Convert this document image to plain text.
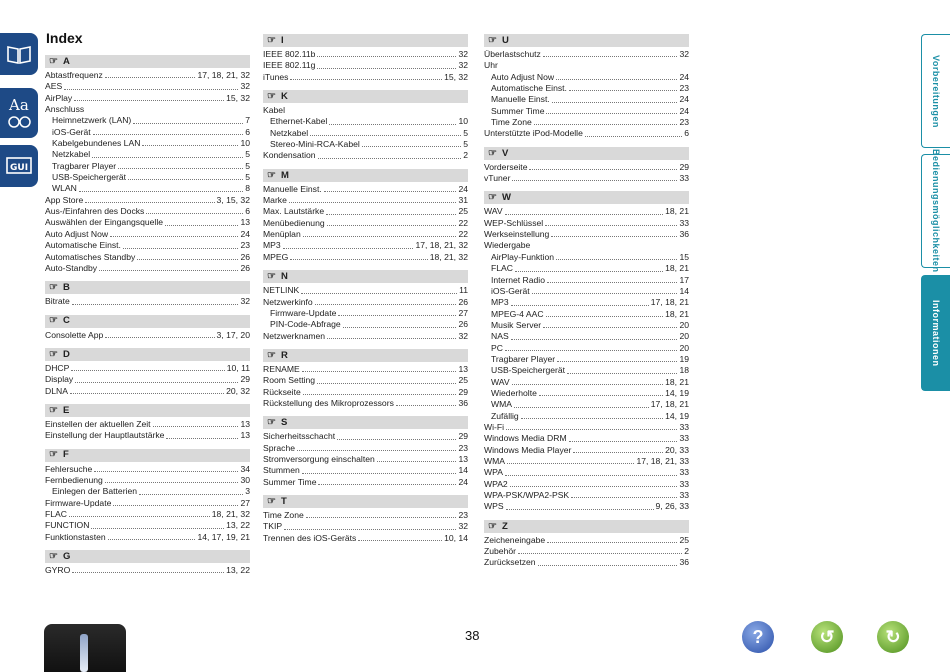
Aa
GUI
Index
☞ A
Abtastfrequenz	17, 18, 21, 32
AES	32
AirPlay	15, 32
Anschluss
Heimnetzwerk (LAN)	7
iOS-Gerät	6
Kabelgebundenes LAN	10
Netzkabel	5
Tragbarer Player	5
USB-Speichergerät	5
WLAN	8
App Store	3, 15, 32
Aus-/Einfahren des Docks	6
Auswählen der Eingangsquelle	13
Auto Adjust Now	24
Automatische Einst.	23
Automatisches Standby	26
Auto-Standby	26
☞ B
Bitrate	32
☞ C
Consolette App	3, 17, 20
☞ D
DHCP	10, 11
Display	29
DLNA	20, 32
☞ E
Einstellen der aktuellen Zeit	13
Einstellung der Hauptlautstärke	13
☞ F
Fehlersuche	34
Fernbedienung	30
Einlegen der Batterien	3
Firmware-Update	27
FLAC	18, 21, 32
FUNCTION	13, 22
Funktionstasten	14, 17, 19, 21
☞ G
GYRO	13, 22
☞ I
IEEE 802.11b	32
IEEE 802.11g	32
iTunes	15, 32
☞ K
Kabel
Ethernet-Kabel	10
Netzkabel	5
Stereo-Mini-RCA-Kabel	5
Kondensation	2
☞ M
Manuelle Einst.	24
Marke	31
Max. Lautstärke	25
Menübedienung	22
Menüplan	22
MP3	17, 18, 21, 32
MPEG	18, 21, 32
☞ N
NETLINK	11
Netzwerkinfo	26
Firmware-Update	27
PIN-Code-Abfrage	26
Netzwerknamen	32
☞ R
RENAME	13
Room Setting	25
Rückseite	29
Rückstellung des Mikroprozessors	36
☞ S
Sicherheitsschacht	29
Sprache	23
Stromversorgung einschalten	13
Stummen	14
Summer Time	24
☞ T
Time Zone	23
TKIP	32
Trennen des iOS-Geräts	10, 14
☞ U
Überlastschutz	32
Uhr
Auto Adjust Now	24
Automatische Einst.	23
Manuelle Einst.	24
Summer Time	24
Time Zone	23
Unterstützte iPod-Modelle	6
☞ V
Vorderseite	29
vTuner	33
☞ W
WAV	18, 21
WEP-Schlüssel	33
Werkseinstellung	36
Wiedergabe
AirPlay-Funktion	15
FLAC	18, 21
Internet Radio	17
iOS-Gerät	14
MP3	17, 18, 21
MPEG-4 AAC	18, 21
Musik Server	20
NAS	20
PC	20
Tragbarer Player	19
USB-Speichergerät	18
WAV	18, 21
Wiederholte	14, 19
WMA	17, 18, 21
Zufällig	14, 19
Wi-Fi	33
Windows Media DRM	33
Windows Media Player	20, 33
WMA	17, 18, 21, 33
WPA	33
WPA2	33
WPA-PSK/WPA2-PSK	33
WPS	9, 26, 33
☞ Z
Zeicheneingabe	25
Zubehör	2
Zurücksetzen	36
Vorbereitungen
Bedienungsmöglichkeiten
Informationen
38	?	↺	↻
